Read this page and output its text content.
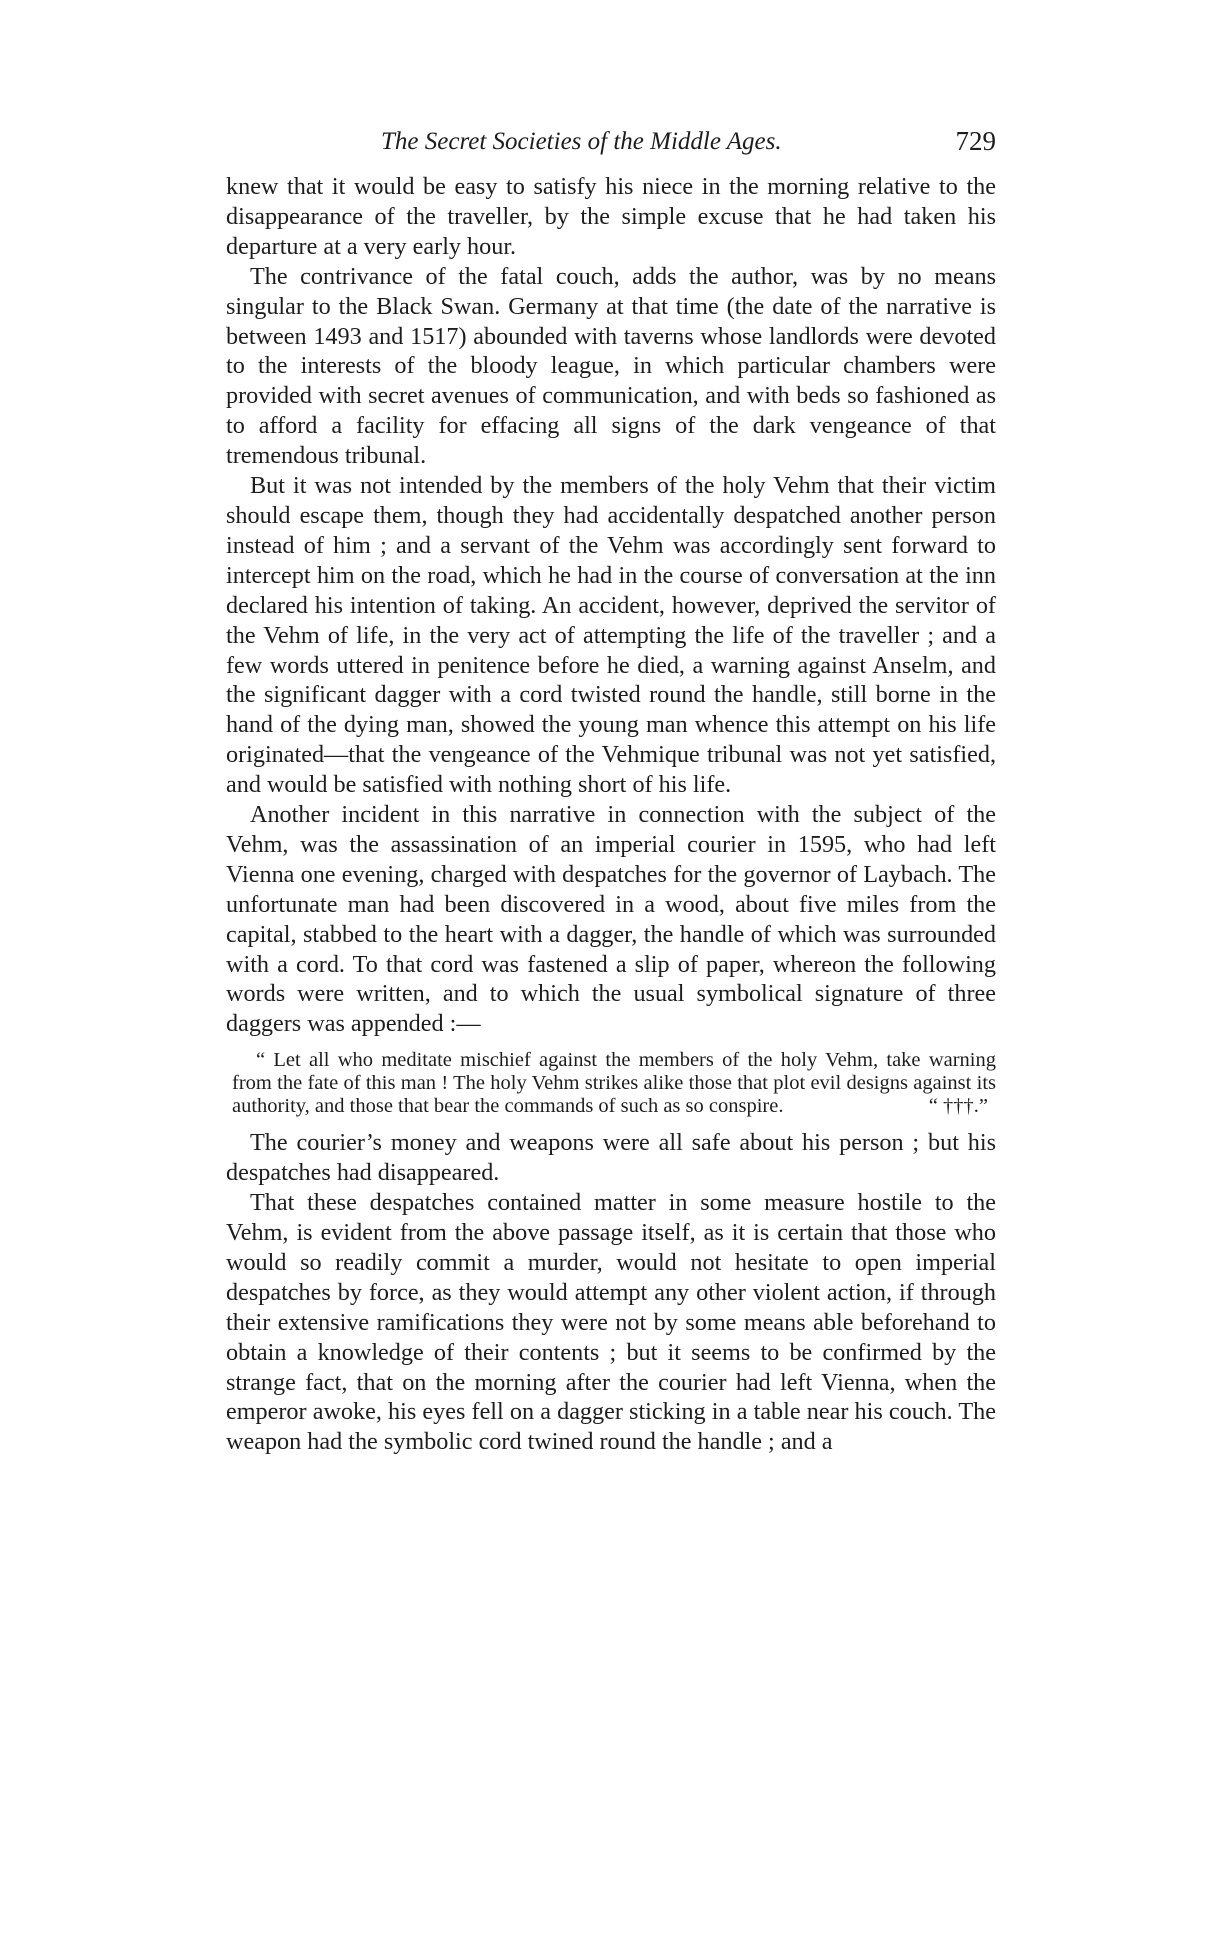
The Secret Societies of the Middle Ages.	729

knew that it would be easy to satisfy his niece in the morning relative to the disappearance of the traveller, by the simple excuse that he had taken his departure at a very early hour.

The contrivance of the fatal couch, adds the author, was by no means singular to the Black Swan. Germany at that time (the date of the narrative is between 1493 and 1517) abounded with taverns whose landlords were devoted to the interests of the bloody league, in which particular chambers were provided with secret avenues of communication, and with beds so fashioned as to afford a facility for effacing all signs of the dark vengeance of that tremendous tribunal.

But it was not intended by the members of the holy Vehm that their victim should escape them, though they had accidentally despatched another person instead of him ; and a servant of the Vehm was accordingly sent forward to intercept him on the road, which he had in the course of conversation at the inn declared his intention of taking. An accident, however, deprived the servitor of the Vehm of life, in the very act of attempting the life of the traveller ; and a few words uttered in penitence before he died, a warning against Anselm, and the significant dagger with a cord twisted round the handle, still borne in the hand of the dying man, showed the young man whence this attempt on his life originated—that the vengeance of the Vehmique tribunal was not yet satisfied, and would be satisfied with nothing short of his life.

Another incident in this narrative in connection with the subject of the Vehm, was the assassination of an imperial courier in 1595, who had left Vienna one evening, charged with despatches for the governor of Laybach. The unfortunate man had been discovered in a wood, about five miles from the capital, stabbed to the heart with a dagger, the handle of which was surrounded with a cord. To that cord was fastened a slip of paper, whereon the following words were written, and to which the usual symbolical signature of three daggers was appended :—

“ Let all who meditate mischief against the members of the holy Vehm, take warning from the fate of this man ! The holy Vehm strikes alike those that plot evil designs against its authority, and those that bear the commands of such as so conspire.	“ †††.”

The courier’s money and weapons were all safe about his person ; but his despatches had disappeared.

That these despatches contained matter in some measure hostile to the Vehm, is evident from the above passage itself, as it is certain that those who would so readily commit a murder, would not hesitate to open imperial despatches by force, as they would attempt any other violent action, if through their extensive ramifications they were not by some means able beforehand to obtain a knowledge of their contents ; but it seems to be confirmed by the strange fact, that on the morning after the courier had left Vienna, when the emperor awoke, his eyes fell on a dagger sticking in a table near his couch. The weapon had the symbolic cord twined round the handle ; and a
